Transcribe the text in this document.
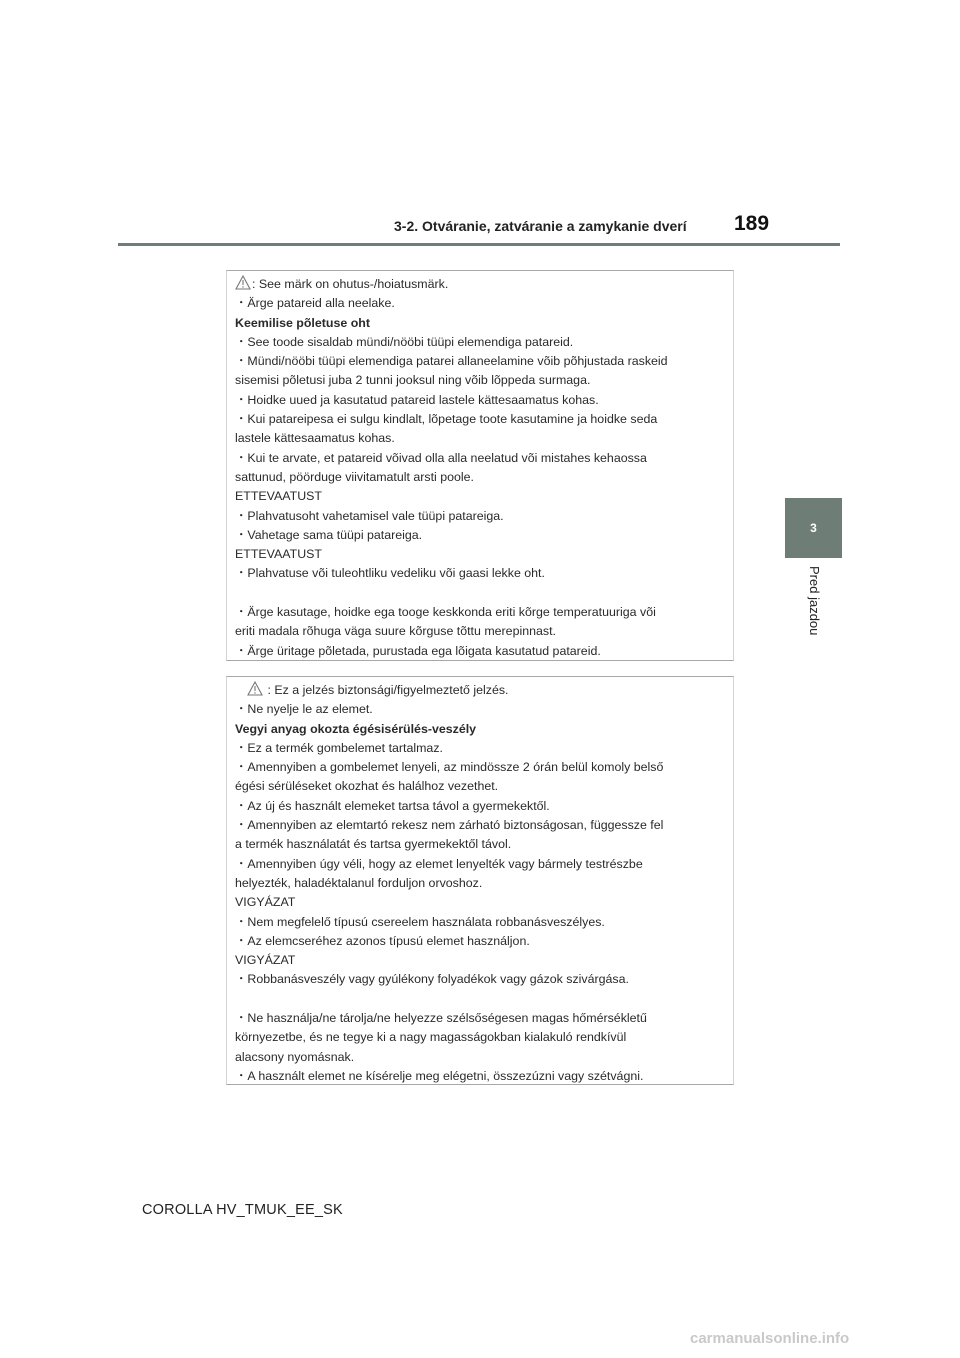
3-2. Otváranie, zatváranie a zamykanie dverí 189
3
Pred jazdou
: See märk on ohutus-/hoiatusmärk.
・Ärge patareid alla neelake.
Keemilise põletuse oht
・See toode sisaldab mündi/nööbi tüüpi elemendiga patareid.
・Mündi/nööbi tüüpi elemendiga patarei allaneelamine võib põhjustada raskeid
sisemisi põletusi juba 2 tunni jooksul ning võib lõppeda surmaga.
・Hoidke uued ja kasutatud patareid lastele kättesaamatus kohas.
・Kui patareipesa ei sulgu kindlalt, lõpetage toote kasutamine ja hoidke seda
lastele kättesaamatus kohas.
・Kui te arvate, et patareid võivad olla alla neelatud või mistahes kehaossa
sattunud, pöörduge viivitamatult arsti poole.
ETTEVAATUST
・Plahvatusoht vahetamisel vale tüüpi patareiga.
・Vahetage sama tüüpi patareiga.
ETTEVAATUST
・Plahvatuse või tuleohtliku vedeliku või gaasi lekke oht.
・Ärge kasutage, hoidke ega tooge keskkonda eriti kõrge temperatuuriga või
eriti madala rõhuga väga suure kõrguse tõttu merepinnast.
・Ärge üritage põletada, purustada ega lõigata kasutatud patareid.
: Ez a jelzés biztonsági/figyelmeztető jelzés.
・Ne nyelje le az elemet.
Vegyi anyag okozta égésisérülés-veszély
・Ez a termék gombelemet tartalmaz.
・Amennyiben a gombelemet lenyeli, az mindössze 2 órán belül komoly belső
égési sérüléseket okozhat és halálhoz vezethet.
・Az új és használt elemeket tartsa távol a gyermekektől.
・Amennyiben az elemtartó rekesz nem zárható biztonságosan, függessze fel
a termék használatát és tartsa gyermekektől távol.
・Amennyiben úgy véli, hogy az elemet lenyelték vagy bármely testrészbe
helyezték, haladéktalanul forduljon orvoshoz.
VIGYÁZAT
・Nem megfelelő típusú csereelem használata robbanásveszélyes.
・Az elemcseréhez azonos típusú elemet használjon.
VIGYÁZAT
・Robbanásveszély vagy gyúlékony folyadékok vagy gázok szivárgása.
・Ne használja/ne tárolja/ne helyezze szélsőségesen magas hőmérsékletű
környezetbe, és ne tegye ki a nagy magasságokban kialakuló rendkívül
alacsony nyomásnak.
・A használt elemet ne kísérelje meg elégetni, összezúzni vagy szétvágni.
COROLLA HV_TMUK_EE_SK
carmanualsonline.info
